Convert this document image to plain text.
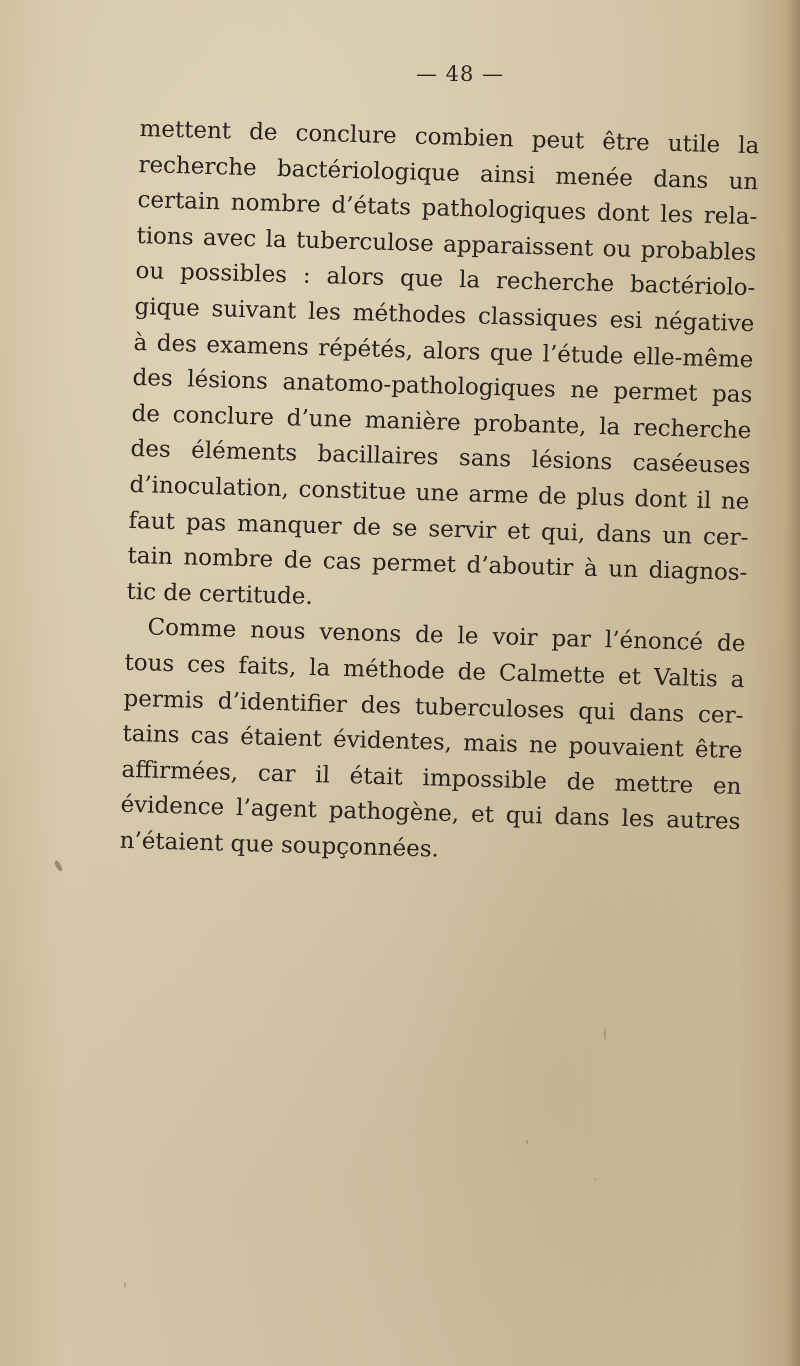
— 48 —
mettent de conclure combien peut être utile la
recherche bactériologique ainsi menée dans un
certain nombre d’états pathologiques dont les rela-
tions avec la tuberculose apparaissent ou probables
ou possibles : alors que la recherche bactériolo-
gique suivant les méthodes classiques esi négative
à des examens répétés, alors que l’étude elle-même
des lésions anatomo-pathologiques ne permet pas
de conclure d’une manière probante, la recherche
des éléments bacillaires sans lésions caséeuses
d’inoculation, constitue une arme de plus dont il ne
faut pas manquer de se servir et qui, dans un cer-
tain nombre de cas permet d’aboutir à un diagnos-
tic de certitude.
Comme nous venons de le voir par l’énoncé de
tous ces faits, la méthode de Calmette et Valtis a
permis d’identifier des tuberculoses qui dans cer-
tains cas étaient évidentes, mais ne pouvaient être
affirmées, car il était impossible de mettre en
évidence l’agent pathogène, et qui dans les autres
n’étaient que soupçonnées.
